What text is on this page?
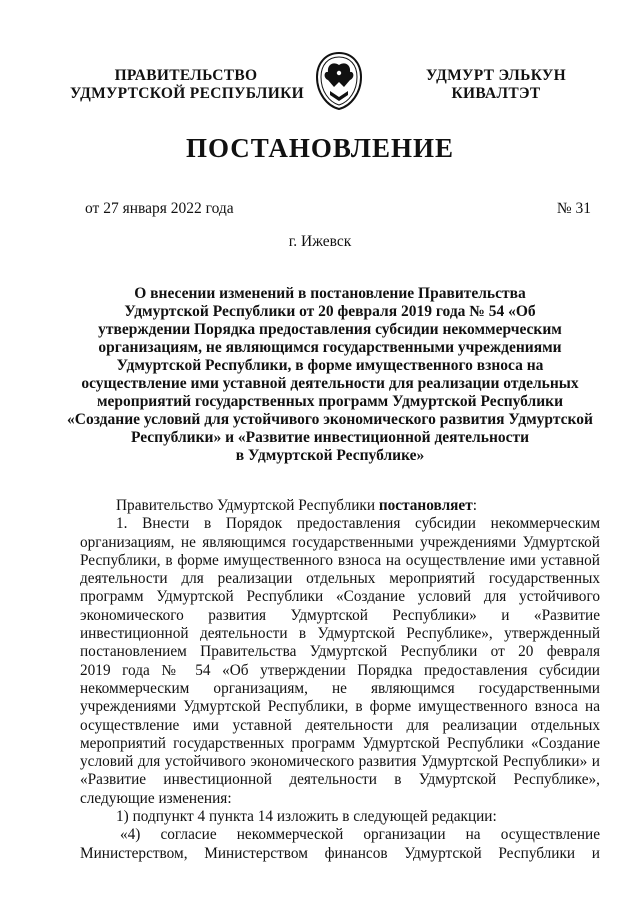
ПРАВИТЕЛЬСТВО
УДМУРТСКОЙ РЕСПУБЛИКИ
УДМУРТ ЭЛЬКУН
КИВАЛТЭТ
ПОСТАНОВЛЕНИЕ
от 27 января 2022 года	№ 31
г. Ижевск
О внесении изменений в постановление Правительства
Удмуртской Республики от 20 февраля 2019 года № 54 «Об
утверждении Порядка предоставления субсидии некоммерческим
организациям, не являющимся государственными учреждениями
Удмуртской Республики, в форме имущественного взноса на
осуществление ими уставной деятельности для реализации отдельных
мероприятий государственных программ Удмуртской Республики
«Создание условий для устойчивого экономического развития Удмуртской
Республики» и «Развитие инвестиционной деятельности
в Удмуртской Республике»

Правительство Удмуртской Республики постановляет:

1. Внести в Порядок предоставления субсидии некоммерческим
организациям, не являющимся государственными учреждениями Удмуртской
Республики, в форме имущественного взноса на осуществление ими уставной
деятельности для реализации отдельных мероприятий государственных
программ Удмуртской Республики «Создание условий для устойчивого
экономического развития Удмуртской Республики» и «Развитие
инвестиционной деятельности в Удмуртской Республике», утвержденный
постановлением Правительства Удмуртской Республики от 20 февраля
2019 года № 54 «Об утверждении Порядка предоставления субсидии
некоммерческим организациям, не являющимся государственными
учреждениями Удмуртской Республики, в форме имущественного взноса на
осуществление ими уставной деятельности для реализации отдельных
мероприятий государственных программ Удмуртской Республики «Создание
условий для устойчивого экономического развития Удмуртской Республики» и
«Развитие инвестиционной деятельности в Удмуртской Республике»,
следующие изменения:

1) подпункт 4 пункта 14 изложить в следующей редакции:

«4) согласие некоммерческой организации на осуществление
Министерством, Министерством финансов Удмуртской Республики и
